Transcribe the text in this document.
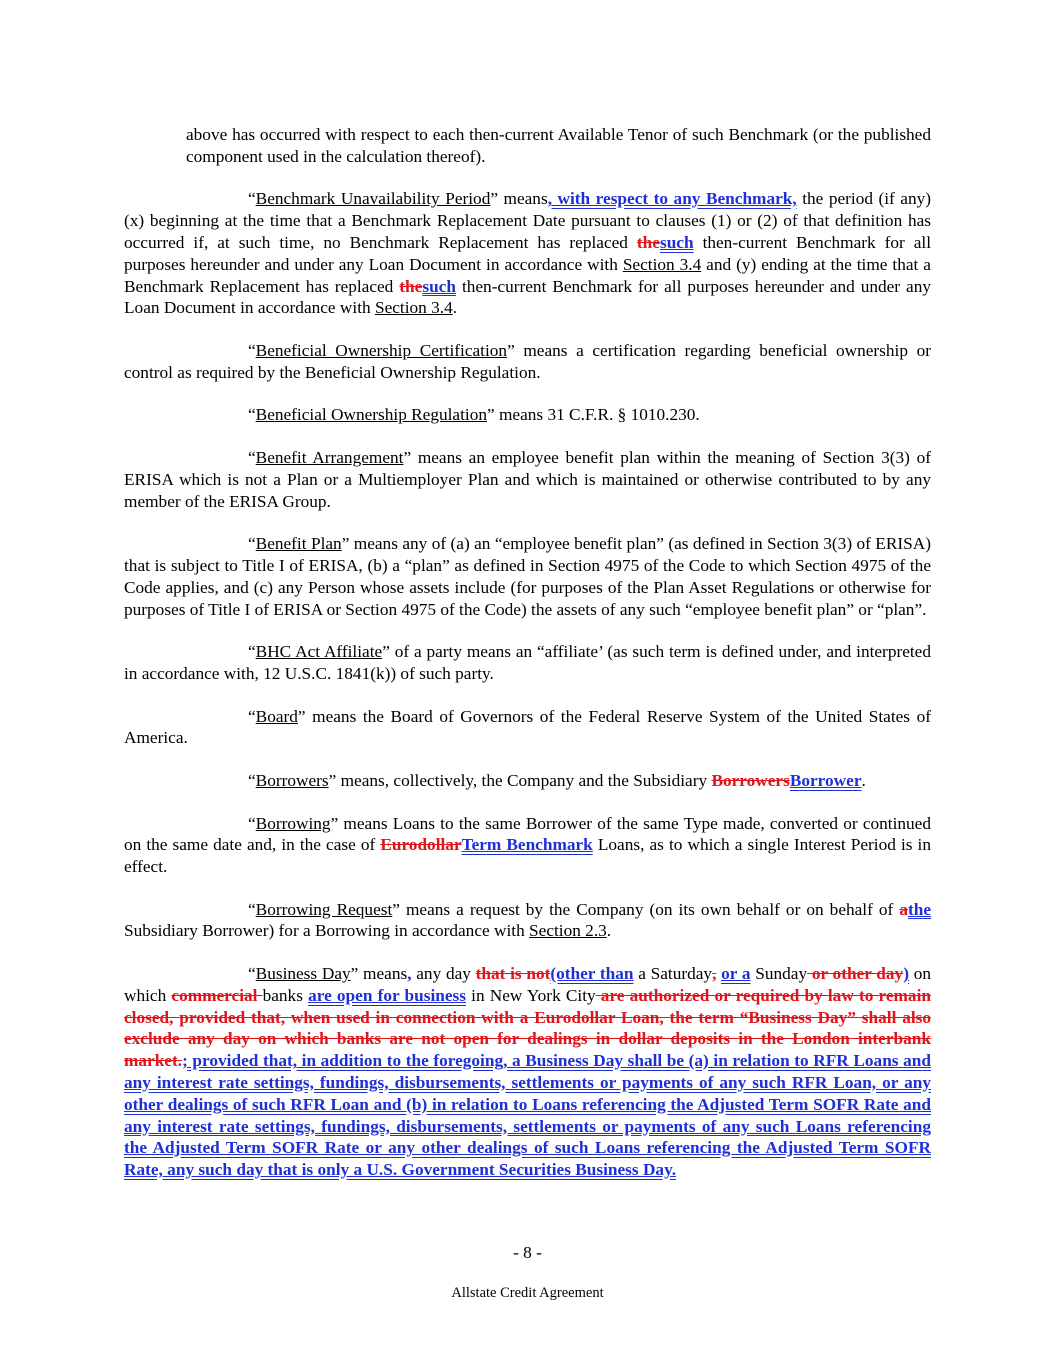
above has occurred with respect to each then-current Available Tenor of such Benchmark (or the published component used in the calculation thereof).

“Benchmark Unavailability Period” means, with respect to any Benchmark, the period (if any) (x) beginning at the time that a Benchmark Replacement Date pursuant to clauses (1) or (2) of that definition has occurred if, at such time, no Benchmark Replacement has replaced thesuch then-current Benchmark for all purposes hereunder and under any Loan Document in accordance with Section 3.4 and (y) ending at the time that a Benchmark Replacement has replaced thesuch then-current Benchmark for all purposes hereunder and under any Loan Document in accordance with Section 3.4.

“Beneficial Ownership Certification” means a certification regarding beneficial ownership or control as required by the Beneficial Ownership Regulation.

“Beneficial Ownership Regulation” means 31 C.F.R. § 1010.230.

“Benefit Arrangement” means an employee benefit plan within the meaning of Section 3(3) of ERISA which is not a Plan or a Multiemployer Plan and which is maintained or otherwise contributed to by any member of the ERISA Group.

“Benefit Plan” means any of (a) an “employee benefit plan” (as defined in Section 3(3) of ERISA) that is subject to Title I of ERISA, (b) a “plan” as defined in Section 4975 of the Code to which Section 4975 of the Code applies, and (c) any Person whose assets include (for purposes of the Plan Asset Regulations or otherwise for purposes of Title I of ERISA or Section 4975 of the Code) the assets of any such “employee benefit plan” or “plan”.

“BHC Act Affiliate” of a party means an “affiliate’ (as such term is defined under, and interpreted in accordance with, 12 U.S.C. 1841(k)) of such party.

“Board” means the Board of Governors of the Federal Reserve System of the United States of America.

“Borrowers” means, collectively, the Company and the Subsidiary BorrowersBorrower.

“Borrowing” means Loans to the same Borrower of the same Type made, converted or continued on the same date and, in the case of EurodollarTerm Benchmark Loans, as to which a single Interest Period is in effect.

“Borrowing Request” means a request by the Company (on its own behalf or on behalf of athe Subsidiary Borrower) for a Borrowing in accordance with Section 2.3.

“Business Day” means, any day that is not(other than a Saturday, or a Sunday or other day) on which commercial banks are open for business in New York City are authorized or required by law to remain closed, provided that, when used in connection with a Eurodollar Loan, the term “Business Day” shall also exclude any day on which banks are not open for dealings in dollar deposits in the London interbank market.; provided that, in addition to the foregoing, a Business Day shall be (a) in relation to RFR Loans and any interest rate settings, fundings, disbursements, settlements or payments of any such RFR Loan, or any other dealings of such RFR Loan and (b) in relation to Loans referencing the Adjusted Term SOFR Rate and any interest rate settings, fundings, disbursements, settlements or payments of any such Loans referencing the Adjusted Term SOFR Rate or any other dealings of such Loans referencing the Adjusted Term SOFR Rate, any such day that is only a U.S. Government Securities Business Day.

- 8 -
Allstate Credit Agreement
